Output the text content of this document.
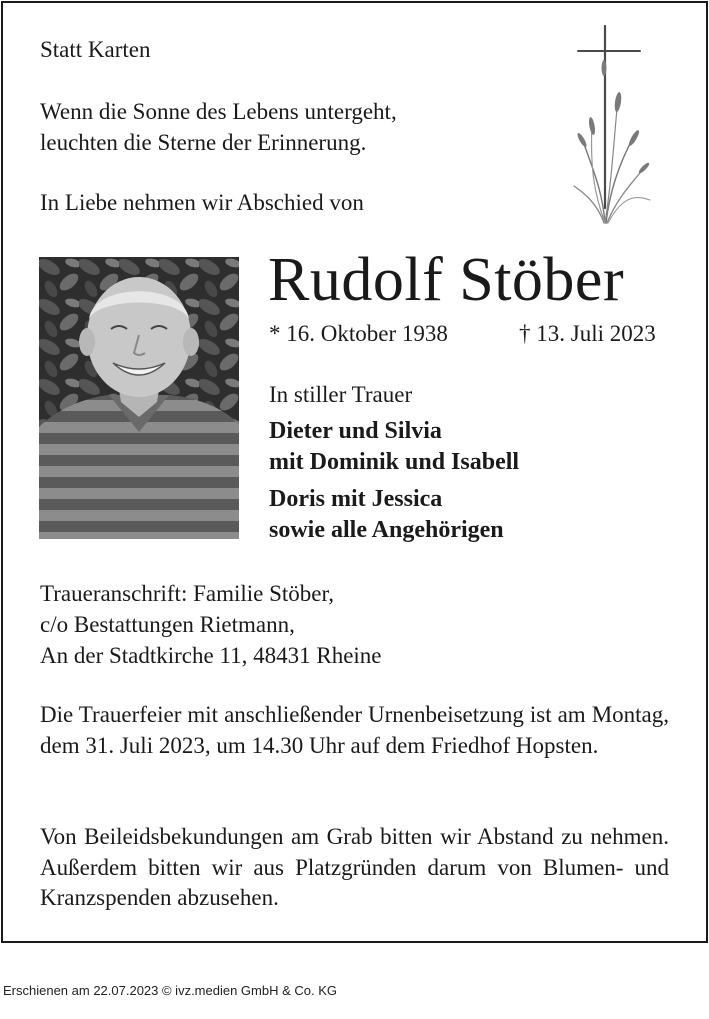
Statt Karten
Wenn die Sonne des Lebens untergeht,
leuchten die Sterne der Erinnerung.
In Liebe nehmen wir Abschied von
Rudolf Stöber
* 16. Oktober 1938	† 13. Juli 2023
In stiller Trauer
Dieter und Silvia
mit Dominik und Isabell
Doris mit Jessica
sowie alle Angehörigen
Traueranschrift: Familie Stöber,
c/o Bestattungen Rietmann,
An der Stadtkirche 11, 48431 Rheine

Die Trauerfeier mit anschließender Urnenbeisetzung ist am Montag, dem 31. Juli 2023, um 14.30 Uhr auf dem Friedhof Hopsten.

Von Beileidsbekundungen am Grab bitten wir Abstand zu nehmen. Außerdem bitten wir aus Platzgründen darum von Blumen- und Kranzspenden abzusehen.

Erschienen am 22.07.2023 © ivz.medien GmbH & Co. KG
